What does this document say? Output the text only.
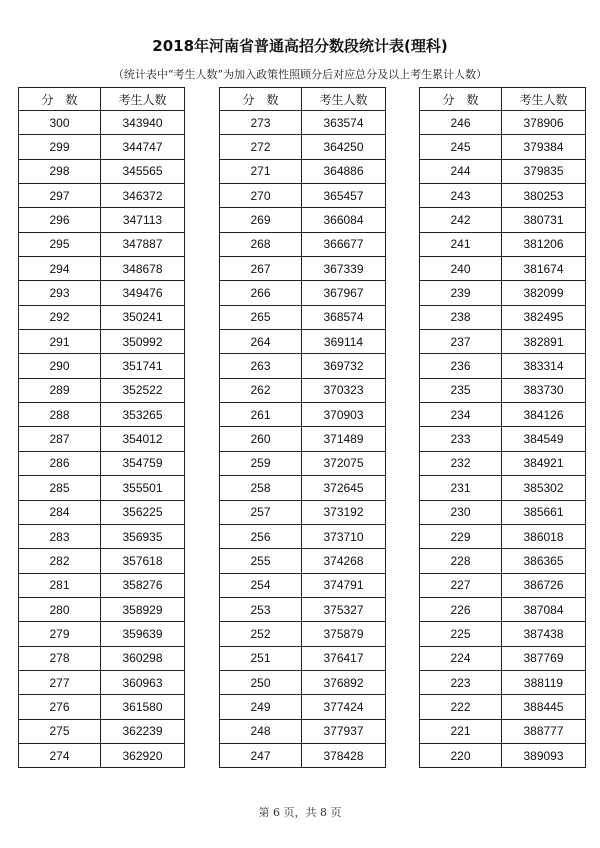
2018年河南省普通高招分数段统计表(理科)
（统计表中“考生人数”为加入政策性照顾分后对应总分及以上考生累计人数）
分　数	考生人数
300	343940
299	344747
298	345565
297	346372
296	347113
295	347887
294	348678
293	349476
292	350241
291	350992
290	351741
289	352522
288	353265
287	354012
286	354759
285	355501
284	356225
283	356935
282	357618
281	358276
280	358929
279	359639
278	360298
277	360963
276	361580
275	362239
274	362920
分　数	考生人数
273	363574
272	364250
271	364886
270	365457
269	366084
268	366677
267	367339
266	367967
265	368574
264	369114
263	369732
262	370323
261	370903
260	371489
259	372075
258	372645
257	373192
256	373710
255	374268
254	374791
253	375327
252	375879
251	376417
250	376892
249	377424
248	377937
247	378428
分　数	考生人数
246	378906
245	379384
244	379835
243	380253
242	380731
241	381206
240	381674
239	382099
238	382495
237	382891
236	383314
235	383730
234	384126
233	384549
232	384921
231	385302
230	385661
229	386018
228	386365
227	386726
226	387084
225	387438
224	387769
223	388119
222	388445
221	388777
220	389093
第 6 页，共 8 页
